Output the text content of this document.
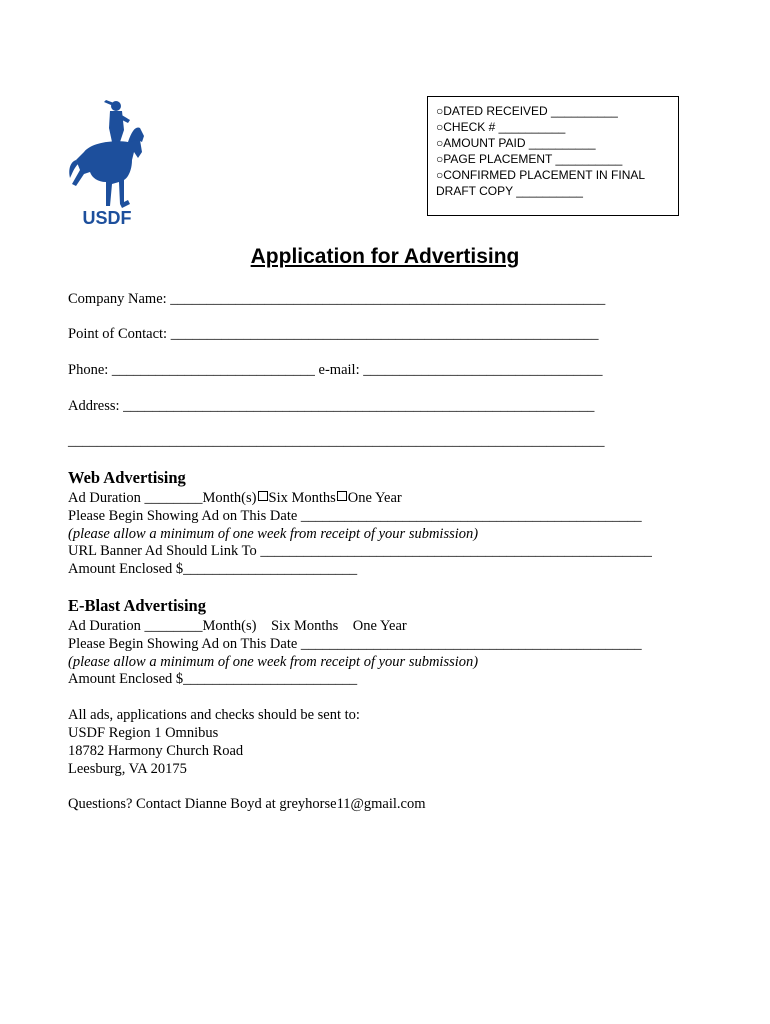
USDF
○DATED RECEIVED __________
○CHECK # __________
○AMOUNT PAID __________
○PAGE PLACEMENT __________
○CONFIRMED PLACEMENT IN FINAL
DRAFT COPY __________
Application for Advertising
Company Name: ____________________________________________________________
Point of Contact: ___________________________________________________________
Phone: ____________________________ e-mail: _________________________________
Address: _________________________________________________________________
__________________________________________________________________________
Web Advertising
Ad Duration ________Month(s) Six Months One Year
Please Begin Showing Ad on This Date _______________________________________________
(please allow a minimum of one week from receipt of your submission)
URL Banner Ad Should Link To ______________________________________________________
Amount Enclosed $________________________
E-Blast Advertising
Ad Duration ________Month(s)    Six Months    One Year
Please Begin Showing Ad on This Date _______________________________________________
(please allow a minimum of one week from receipt of your submission)
Amount Enclosed $________________________
All ads, applications and checks should be sent to:
USDF Region 1 Omnibus
18782 Harmony Church Road
Leesburg, VA 20175
Questions? Contact Dianne Boyd at greyhorse11@gmail.com
